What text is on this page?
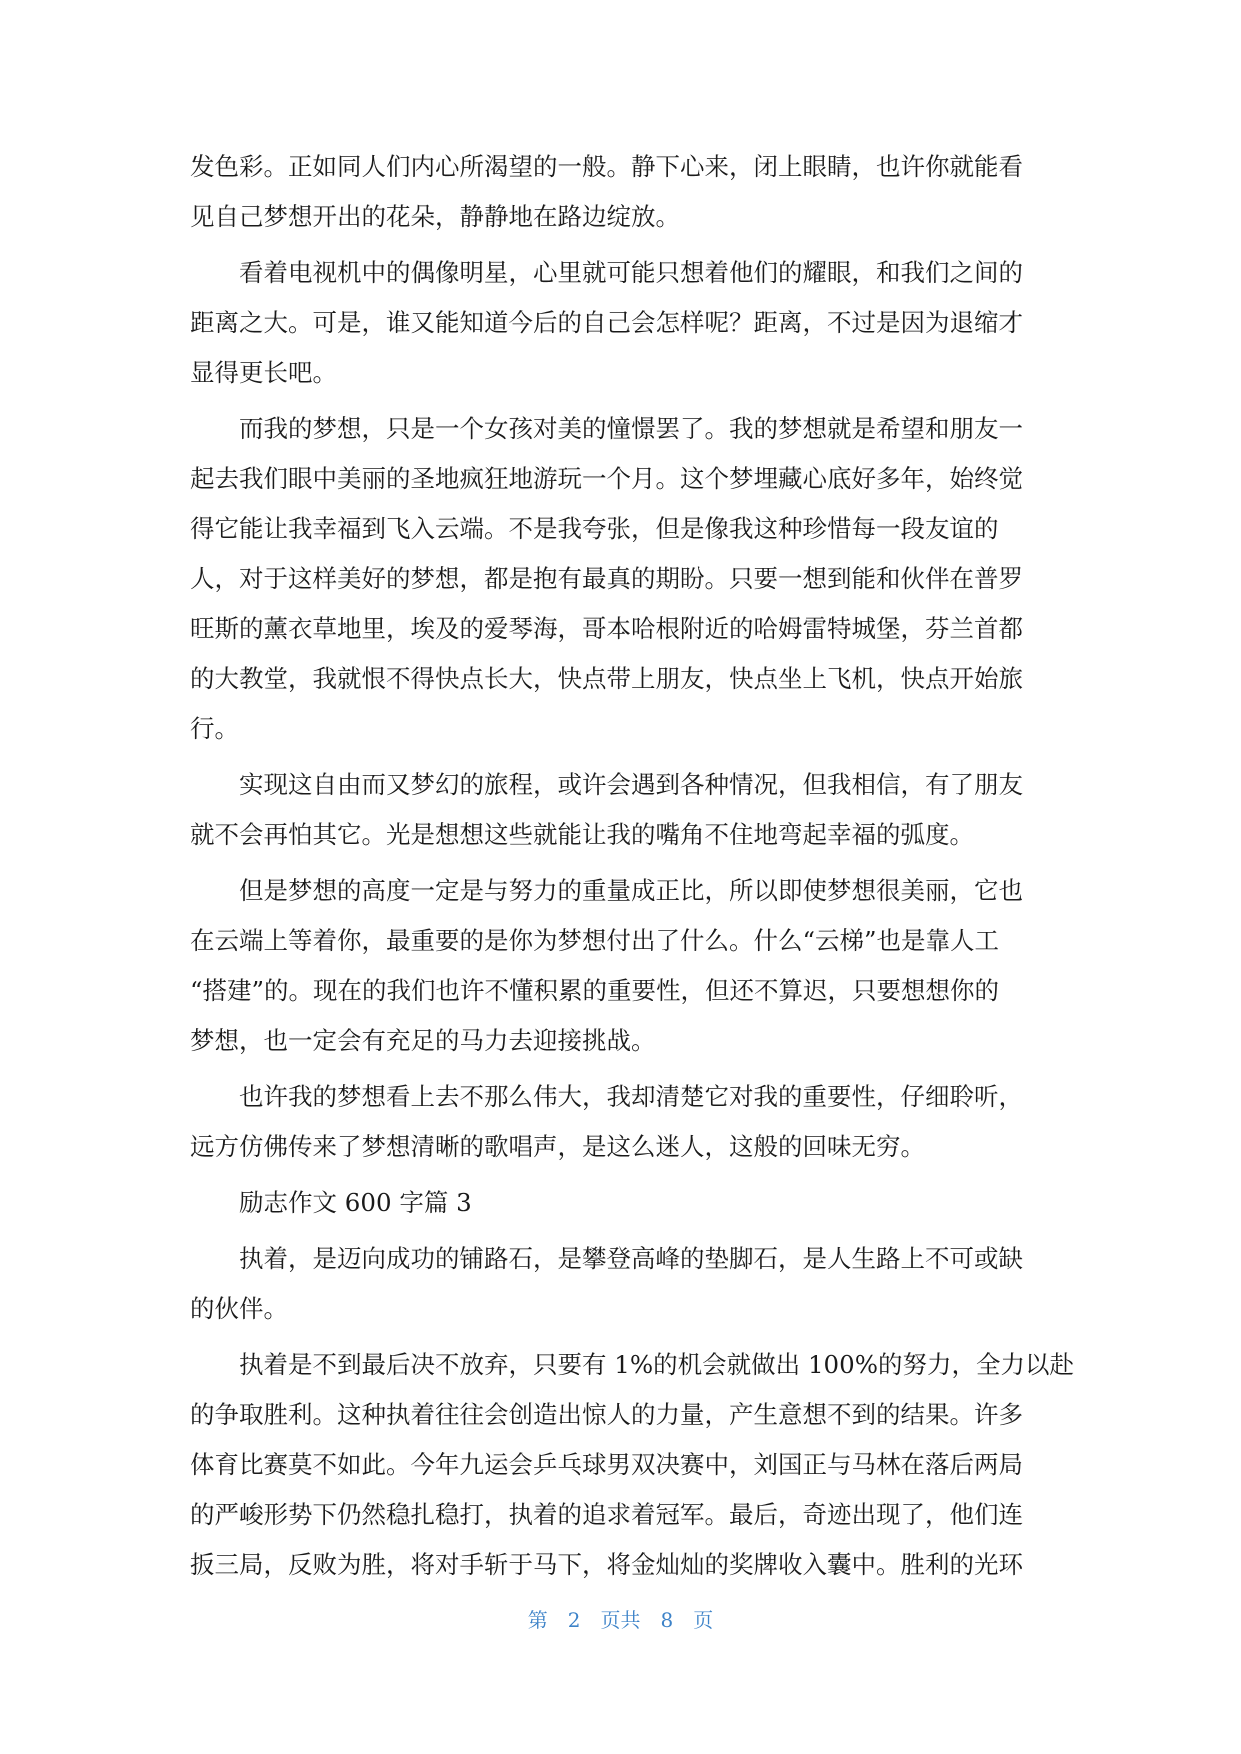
发色彩。正如同人们内心所渴望的一般。静下心来，闭上眼睛，也许你就能看
见自己梦想开出的花朵，静静地在路边绽放。
　　看着电视机中的偶像明星，心里就可能只想着他们的耀眼，和我们之间的
距离之大。可是，谁又能知道今后的自己会怎样呢？距离，不过是因为退缩才
显得更长吧。
　　而我的梦想，只是一个女孩对美的憧憬罢了。我的梦想就是希望和朋友一
起去我们眼中美丽的圣地疯狂地游玩一个月。这个梦埋藏心底好多年，始终觉
得它能让我幸福到飞入云端。不是我夸张，但是像我这种珍惜每一段友谊的
人，对于这样美好的梦想，都是抱有最真的期盼。只要一想到能和伙伴在普罗
旺斯的薰衣草地里，埃及的爱琴海，哥本哈根附近的哈姆雷特城堡，芬兰首都
的大教堂，我就恨不得快点长大，快点带上朋友，快点坐上飞机，快点开始旅
行。
　　实现这自由而又梦幻的旅程，或许会遇到各种情况，但我相信，有了朋友
就不会再怕其它。光是想想这些就能让我的嘴角不住地弯起幸福的弧度。
　　但是梦想的高度一定是与努力的重量成正比，所以即使梦想很美丽，它也
在云端上等着你，最重要的是你为梦想付出了什么。什么“云梯”也是靠人工
“搭建”的。现在的我们也许不懂积累的重要性，但还不算迟，只要想想你的
梦想，也一定会有充足的马力去迎接挑战。
　　也许我的梦想看上去不那么伟大，我却清楚它对我的重要性，仔细聆听，
远方仿佛传来了梦想清晰的歌唱声，是这么迷人，这般的回味无穷。
　　励志作文 600 字篇 3
　　执着，是迈向成功的铺路石，是攀登高峰的垫脚石，是人生路上不可或缺
的伙伴。
　　执着是不到最后决不放弃，只要有 1%的机会就做出 100%的努力，全力以赴
的争取胜利。这种执着往往会创造出惊人的力量，产生意想不到的结果。许多
体育比赛莫不如此。今年九运会乒乓球男双决赛中，刘国正与马林在落后两局
的严峻形势下仍然稳扎稳打，执着的追求着冠军。最后，奇迹出现了，他们连
扳三局，反败为胜，将对手斩于马下，将金灿灿的奖牌收入囊中。胜利的光环
第　2　页共　8　页
